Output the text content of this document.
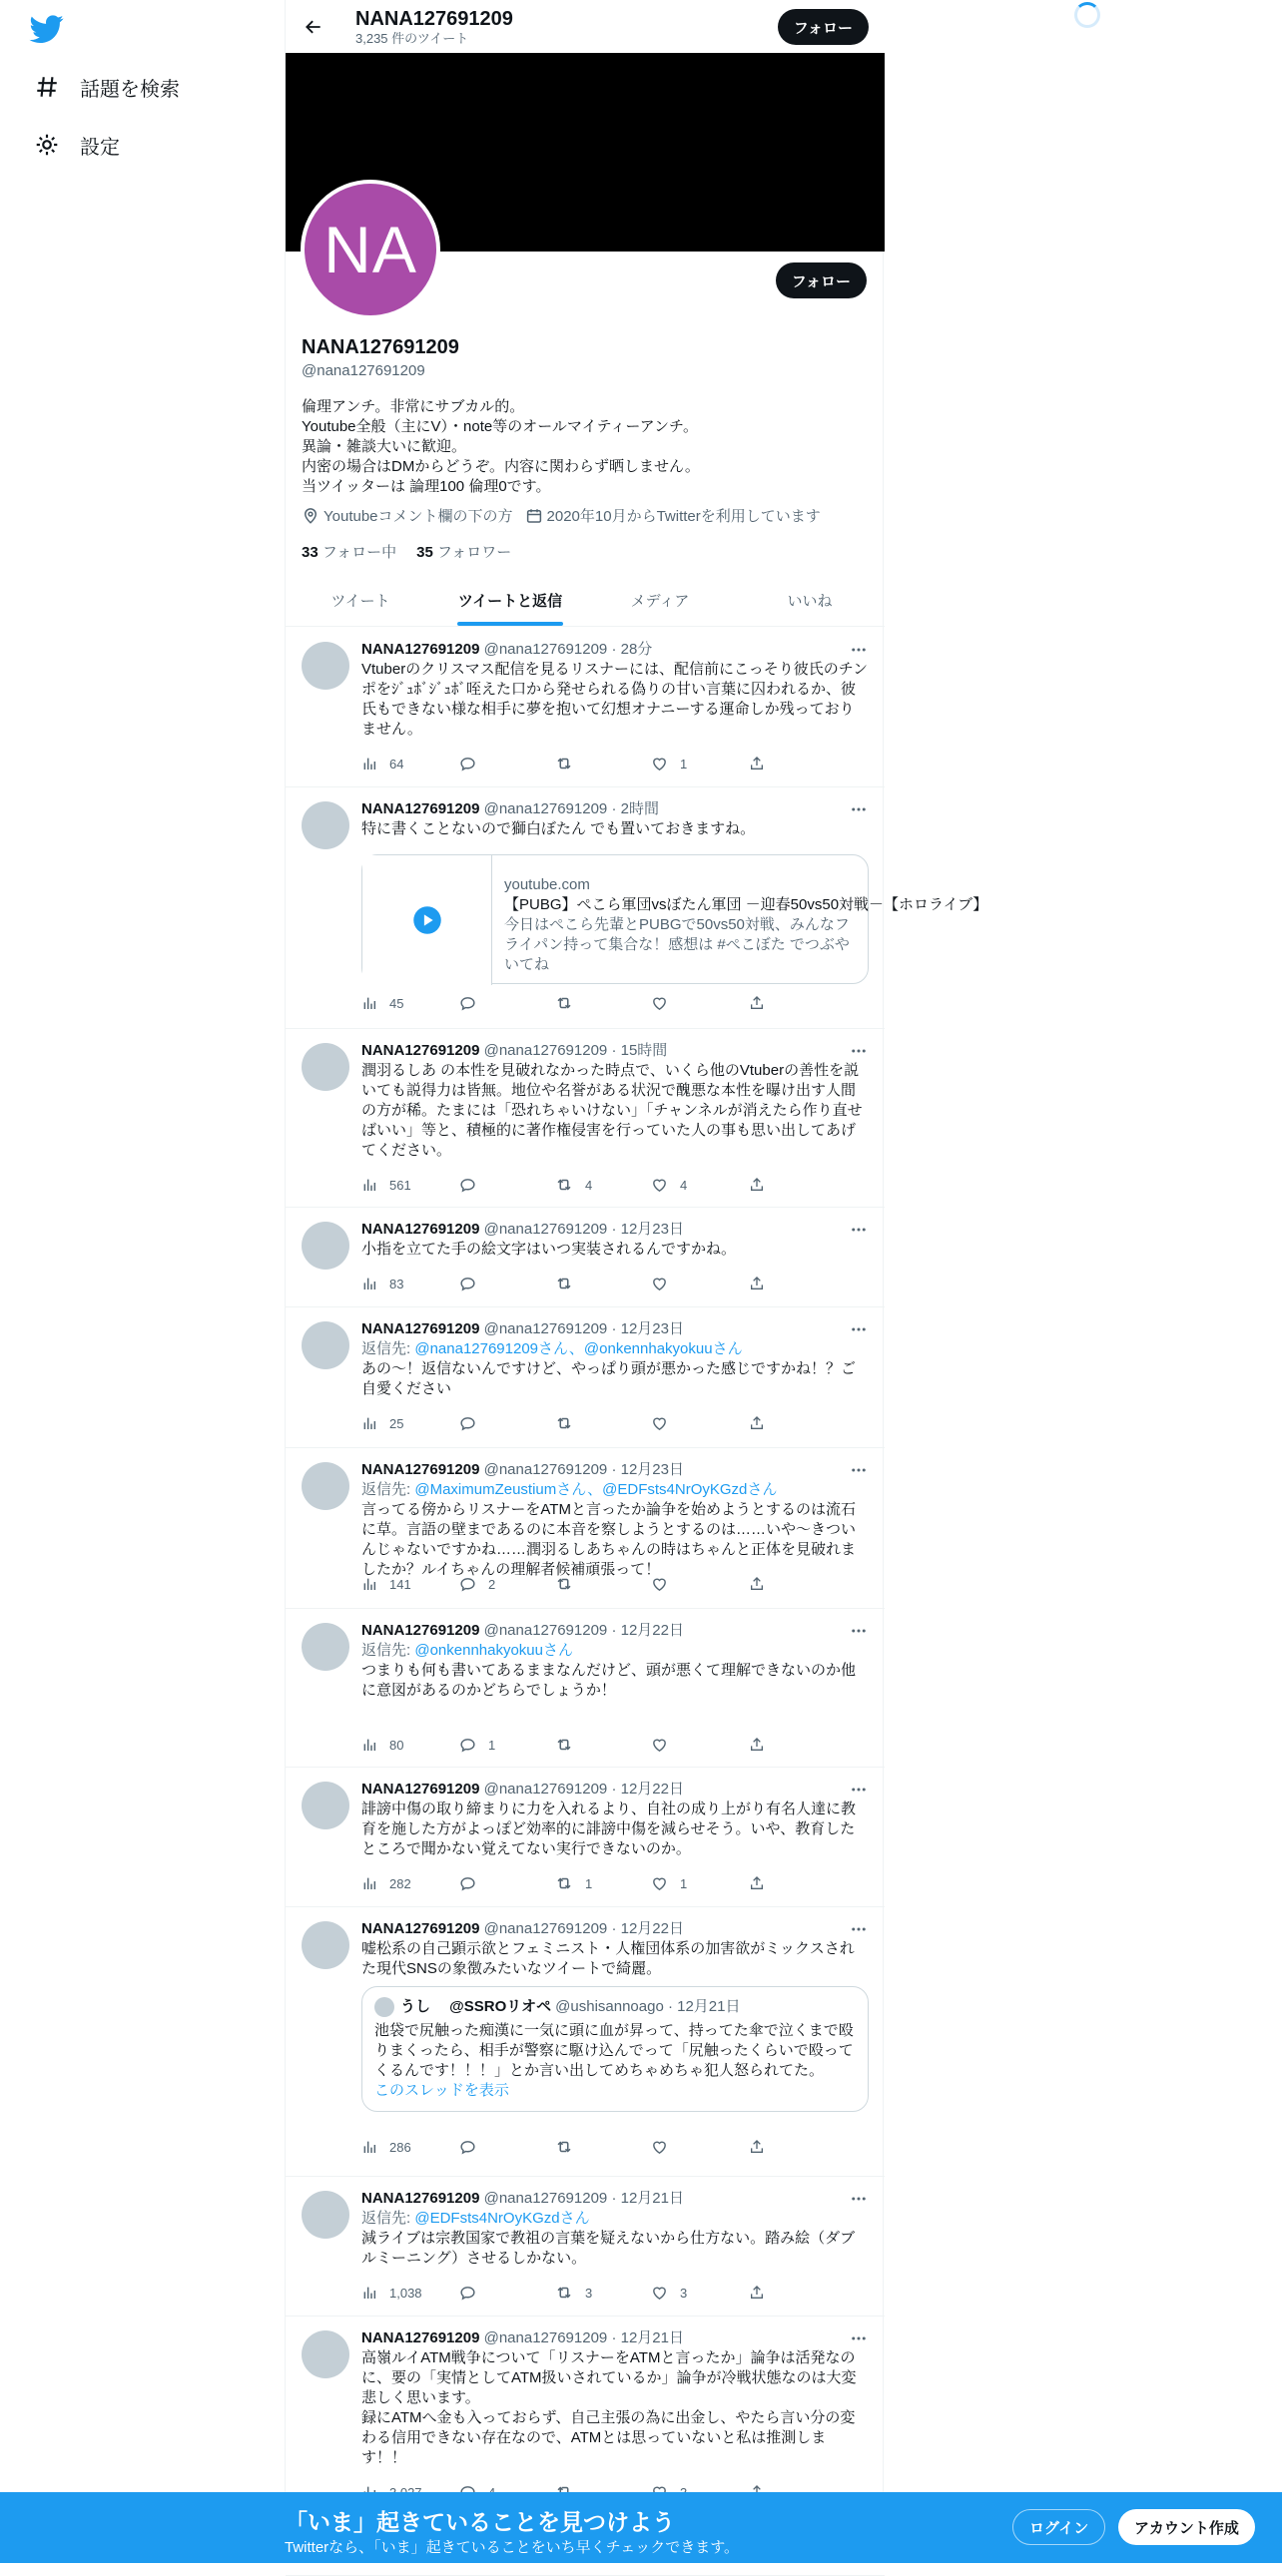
話題を検索
設定
NANA127691209
3,235 件のツイート
フォロー
NA	フォロー
NANA127691209
@nana127691209
倫理アンチ。非常にサブカル的。
Youtube全般（主にV）・note等のオールマイティーアンチ。
異論・雑談大いに歓迎。
内密の場合はDMからどうぞ。内容に関わらず晒しません。
当ツイッターは 論理100 倫理0です。
Youtubeコメント欄の下の方 2020年10月からTwitterを利用しています
33 フォロー中 35 フォロワー
ツイート	ツイートと返信	メディア	いいね
NANA127691209 @nana127691209 · 28分
Vtuberのクリスマス配信を見るリスナーには、配信前にこっそり彼氏のチンポをｼﾞｭﾎﾞｼﾞｭﾎﾞ咥えた口から発せられる偽りの甘い言葉に囚われるか、彼氏もできない様な相手に夢を抱いて幻想オナニーする運命しか残っておりません。
64	1
NANA127691209 @nana127691209 · 2時間
特に書くことないので獅白ぼたん でも置いておきますね。
youtube.com
【PUBG】ぺこら軍団vsぼたん軍団 －迎春50vs50対戦－【ホロライブ】
今日はぺこら先輩とPUBGで50vs50対戦、みんなフライパン持って集合な！感想は #ぺこぼた でつぶやいてね
45
NANA127691209 @nana127691209 · 15時間
潤羽るしあ の本性を見破れなかった時点で、いくら他のVtuberの善性を説いても説得力は皆無。地位や名誉がある状況で醜悪な本性を曝け出す人間の方が稀。たまには「恐れちゃいけない」「チャンネルが消えたら作り直せばいい」等と、積極的に著作権侵害を行っていた人の事も思い出してあげてください。
561	4	4
NANA127691209 @nana127691209 · 12月23日
小指を立てた手の絵文字はいつ実装されるんですかね。
83
NANA127691209 @nana127691209 · 12月23日
返信先: @nana127691209さん、@onkennhakyokuuさん
あの～！返信ないんですけど、やっぱり頭が悪かった感じですかね！？ご自愛ください
25
NANA127691209 @nana127691209 · 12月23日
返信先: @MaximumZeustiumさん、@EDFsts4NrOyKGzdさん
言ってる傍からリスナーをATMと言ったか論争を始めようとするのは流石に草。言語の壁まであるのに本音を察しようとするのは……いや～きついんじゃないですかね……潤羽るしあちゃんの時はちゃんと正体を見破れましたか？ルイちゃんの理解者候補頑張って！
141	2
NANA127691209 @nana127691209 · 12月22日
返信先: @onkennhakyokuuさん
つまりも何も書いてあるままなんだけど、頭が悪くて理解できないのか他に意図があるのかどちらでしょうか！
80	1
NANA127691209 @nana127691209 · 12月22日
誹謗中傷の取り締まりに力を入れるより、自社の成り上がり有名人達に教育を施した方がよっぽど効率的に誹謗中傷を減らせそう。いや、教育したところで聞かない覚えてない実行できないのか。
282	1	1
NANA127691209 @nana127691209 · 12月22日
嘘松系の自己顕示欲とフェミニスト・人権団体系の加害欲がミックスされた現代SNSの象徴みたいなツイートで綺麗。
うし　 @SSROリオペ @ushisannoago · 12月21日
池袋で尻触った痴漢に一気に頭に血が昇って、持ってた傘で泣くまで殴りまくったら、相手が警察に駆け込んでって「尻触ったくらいで殴ってくるんです！！！」とか言い出してめちゃめちゃ犯人怒られてた。
このスレッドを表示
286
NANA127691209 @nana127691209 · 12月21日
返信先: @EDFsts4NrOyKGzdさん
減ライブは宗教国家で教祖の言葉を疑えないから仕方ない。踏み絵（ダブルミーニング）させるしかない。
1,038	3	3
NANA127691209 @nana127691209 · 12月21日
高嶺ルイATM戦争について「リスナーをATMと言ったか」論争は活発なのに、要の「実情としてATM扱いされているか」論争が冷戦状態なのは大変悲しく思います。
録にATMへ金も入っておらず、自己主張の為に出金し、やたら言い分の変わる信用できない存在なので、ATMとは思っていないと私は推測します！！
「いま」起きていることを見つけよう
Twitterなら、「いま」起きていることをいち早くチェックできます。
ログイン	アカウント作成
